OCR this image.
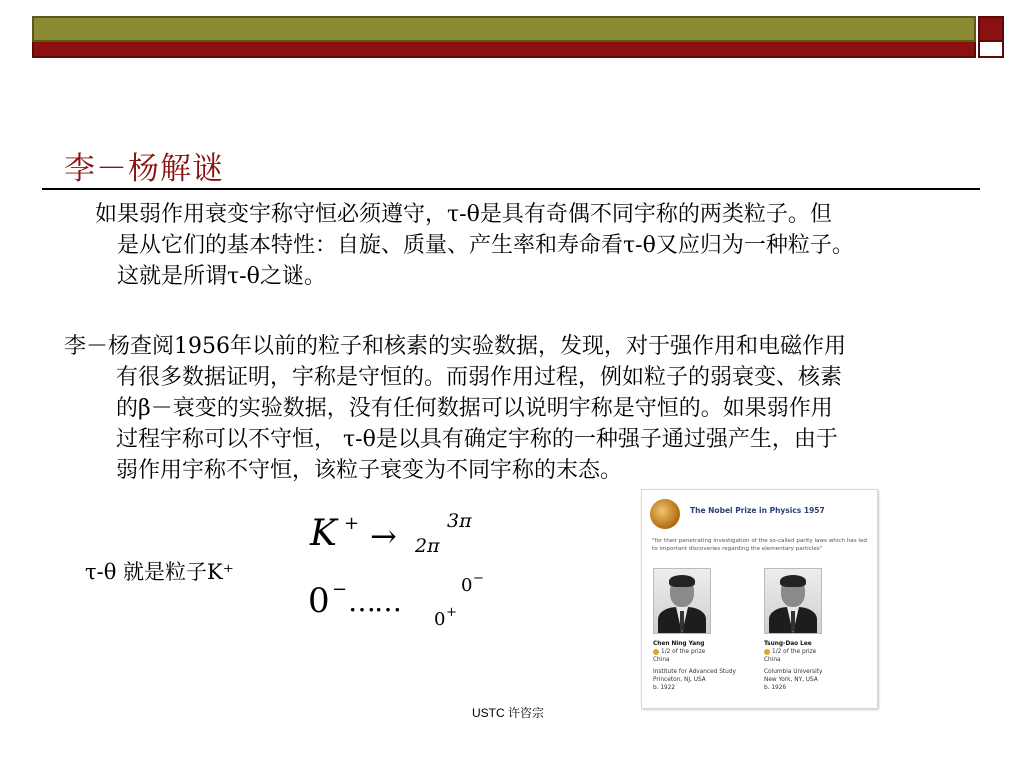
李－杨解谜
如果弱作用衰变宇称守恒必须遵守，τ-θ是具有奇偶不同宇称的两类粒子。但
是从它们的基本特性：自旋、质量、产生率和寿命看τ-θ又应归为一种粒子。
这就是所谓τ-θ之谜。
李－杨查阅1956年以前的粒子和核素的实验数据，发现，对于强作用和电磁作用
有很多数据证明，宇称是守恒的。而弱作用过程，例如粒子的弱衰变、核素
的β－衰变的实验数据，没有任何数据可以说明宇称是守恒的。如果弱作用
过程宇称可以不守恒， τ-θ是以具有确定宇称的一种强子通过强产生，由于
弱作用宇称不守恒，该粒子衰变为不同宇称的末态。
τ-θ 就是粒子K⁺
K + →	3π
2π
0 − ……	0 −
0 +
The Nobel Prize in Physics 1957
"for their penetrating investigation of the so-called parity laws which has led to important discoveries regarding the elementary particles"
Chen Ning Yang
1/2 of the prize
China
Institute for Advanced Study
Princeton, NJ, USA
b. 1922
Tsung-Dao Lee
1/2 of the prize
China
Columbia University
New York, NY, USA
b. 1926
USTC 许咨宗
